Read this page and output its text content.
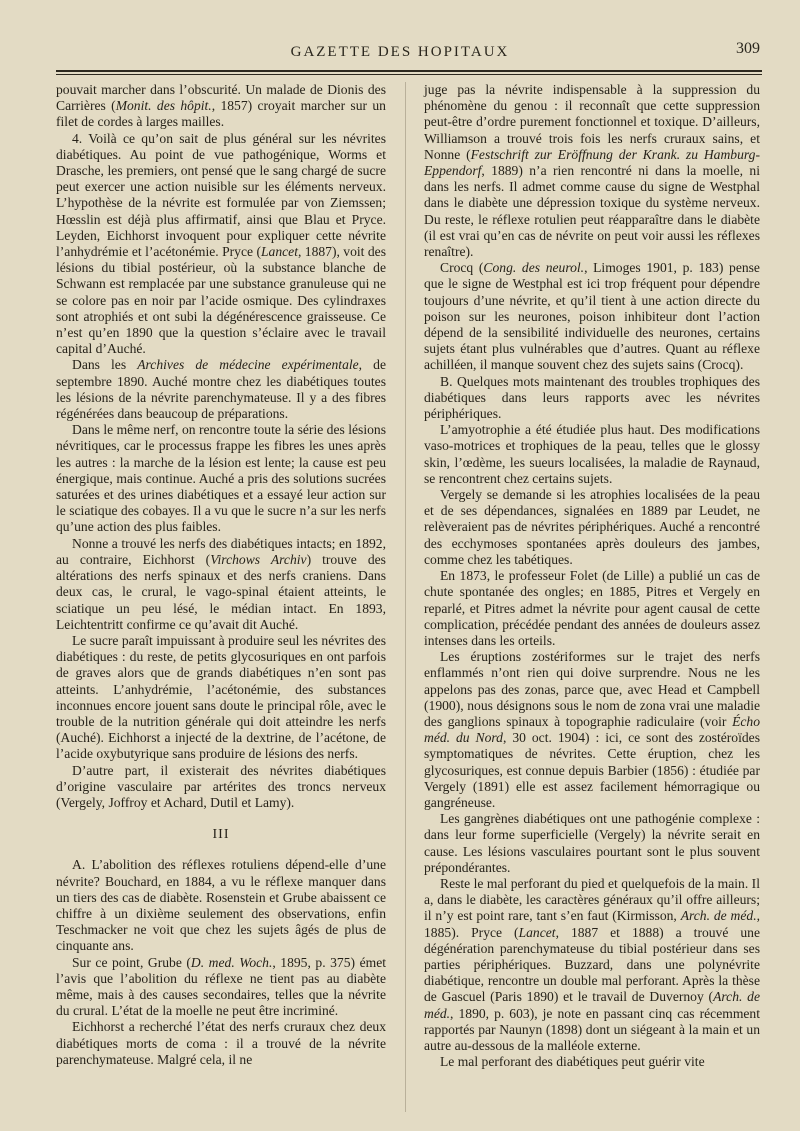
GAZETTE DES HOPITAUX	309

pouvait marcher dans l’obscurité. Un malade de Dionis des Carrières (Monit. des hôpit., 1857) croyait marcher sur un filet de cordes à larges mailles.

4. Voilà ce qu’on sait de plus général sur les névrites diabétiques. Au point de vue pathogénique, Worms et Drasche, les premiers, ont pensé que le sang chargé de sucre peut exercer une action nuisible sur les éléments nerveux. L’hypothèse de la névrite est formulée par von Ziemssen; Hœsslin est déjà plus affirmatif, ainsi que Blau et Pryce. Leyden, Eichhorst invoquent pour expliquer cette névrite l’anhydrémie et l’acétonémie. Pryce (Lancet, 1887), voit des lésions du tibial postérieur, où la substance blanche de Schwann est remplacée par une substance granuleuse qui ne se colore pas en noir par l’acide osmique. Des cylindraxes sont atrophiés et ont subi la dégénérescence graisseuse. Ce n’est qu’en 1890 que la question s’éclaire avec le travail capital d’Auché.

Dans les Archives de médecine expérimentale, de septembre 1890. Auché montre chez les diabétiques toutes les lésions de la névrite parenchymateuse. Il y a des fibres régénérées dans beaucoup de préparations.

Dans le même nerf, on rencontre toute la série des lésions névritiques, car le processus frappe les fibres les unes après les autres : la marche de la lésion est lente; la cause est peu énergique, mais continue. Auché a pris des solutions sucrées saturées et des urines diabétiques et a essayé leur action sur le sciatique des cobayes. Il a vu que le sucre n’a sur les nerfs qu’une action des plus faibles.

Nonne a trouvé les nerfs des diabétiques intacts; en 1892, au contraire, Eichhorst (Virchows Archiv) trouve des altérations des nerfs spinaux et des nerfs craniens. Dans deux cas, le crural, le vago-spinal étaient atteints, le sciatique un peu lésé, le médian intact. En 1893, Leichtentritt confirme ce qu’avait dit Auché.

Le sucre paraît impuissant à produire seul les névrites des diabétiques : du reste, de petits glycosuriques en ont parfois de graves alors que de grands diabétiques n’en sont pas atteints. L’anhydrémie, l’acétonémie, des substances inconnues encore jouent sans doute le principal rôle, avec le trouble de la nutrition générale qui doit atteindre les nerfs (Auché). Eichhorst a injecté de la dextrine, de l’acétone, de l’acide oxybutyrique sans produire de lésions des nerfs.

D’autre part, il existerait des névrites diabétiques d’origine vasculaire par artérites des troncs nerveux (Vergely, Joffroy et Achard, Dutil et Lamy).

III

A. L’abolition des réflexes rotuliens dépend-elle d’une névrite? Bouchard, en 1884, a vu le réflexe manquer dans un tiers des cas de diabète. Rosenstein et Grube abaissent ce chiffre à un dixième seulement des observations, enfin Teschmacker ne voit que chez les sujets âgés de plus de cinquante ans.

Sur ce point, Grube (D. med. Woch., 1895, p. 375) émet l’avis que l’abolition du réflexe ne tient pas au diabète même, mais à des causes secondaires, telles que la névrite du crural. L’état de la moelle ne peut être incriminé.

Eichhorst a recherché l’état des nerfs cruraux chez deux diabétiques morts de coma : il a trouvé de la névrite parenchymateuse. Malgré cela, il ne

juge pas la névrite indispensable à la suppression du phénomène du genou : il reconnaît que cette suppression peut-être d’ordre purement fonctionnel et toxique. D’ailleurs, Williamson a trouvé trois fois les nerfs cruraux sains, et Nonne (Festschrift zur Eröffnung der Krank. zu Hamburg-Eppendorf, 1889) n’a rien rencontré ni dans la moelle, ni dans les nerfs. Il admet comme cause du signe de Westphal dans le diabète une dépression toxique du système nerveux. Du reste, le réflexe rotulien peut réapparaître dans le diabète (il est vrai qu’en cas de névrite on peut voir aussi les réflexes renaître).

Crocq (Cong. des neurol., Limoges 1901, p. 183) pense que le signe de Westphal est ici trop fréquent pour dépendre toujours d’une névrite, et qu’il tient à une action directe du poison sur les neurones, poison inhibiteur dont l’action dépend de la sensibilité individuelle des neurones, certains sujets étant plus vulnérables que d’autres. Quant au réflexe achilléen, il manque souvent chez des sujets sains (Crocq).

B. Quelques mots maintenant des troubles trophiques des diabétiques dans leurs rapports avec les névrites périphériques.

L’amyotrophie a été étudiée plus haut. Des modifications vaso-motrices et trophiques de la peau, telles que le glossy skin, l’œdème, les sueurs localisées, la maladie de Raynaud, se rencontrent chez certains sujets.

Vergely se demande si les atrophies localisées de la peau et de ses dépendances, signalées en 1889 par Leudet, ne relèveraient pas de névrites périphériques. Auché a rencontré des ecchymoses spontanées après douleurs des jambes, comme chez les tabétiques.

En 1873, le professeur Folet (de Lille) a publié un cas de chute spontanée des ongles; en 1885, Pitres et Vergely en reparlé, et Pitres admet la névrite pour agent causal de cette complication, précédée pendant des années de douleurs assez intenses dans les orteils.

Les éruptions zostériformes sur le trajet des nerfs enflammés n’ont rien qui doive surprendre. Nous ne les appelons pas des zonas, parce que, avec Head et Campbell (1900), nous désignons sous le nom de zona vrai une maladie des ganglions spinaux à topographie radiculaire (voir Écho méd. du Nord, 30 oct. 1904) : ici, ce sont des zostéroïdes symptomatiques de névrites. Cette éruption, chez les glycosuriques, est connue depuis Barbier (1856) : étudiée par Vergely (1891) elle est assez facilement hémorragique ou gangréneuse.

Les gangrènes diabétiques ont une pathogénie complexe : dans leur forme superficielle (Vergely) la névrite serait en cause. Les lésions vasculaires pourtant sont le plus souvent prépondérantes.

Reste le mal perforant du pied et quelquefois de la main. Il a, dans le diabète, les caractères généraux qu’il offre ailleurs; il n’y est point rare, tant s’en faut (Kirmisson, Arch. de méd., 1885). Pryce (Lancet, 1887 et 1888) a trouvé une dégénération parenchymateuse du tibial postérieur dans ses parties périphériques. Buzzard, dans une polynévrite diabétique, rencontre un double mal perforant. Après la thèse de Gascuel (Paris 1890) et le travail de Duvernoy (Arch. de méd., 1890, p. 603), je note en passant cinq cas récemment rapportés par Naunyn (1898) dont un siégeant à la main et un autre au-dessous de la malléole externe.

Le mal perforant des diabétiques peut guérir vite
